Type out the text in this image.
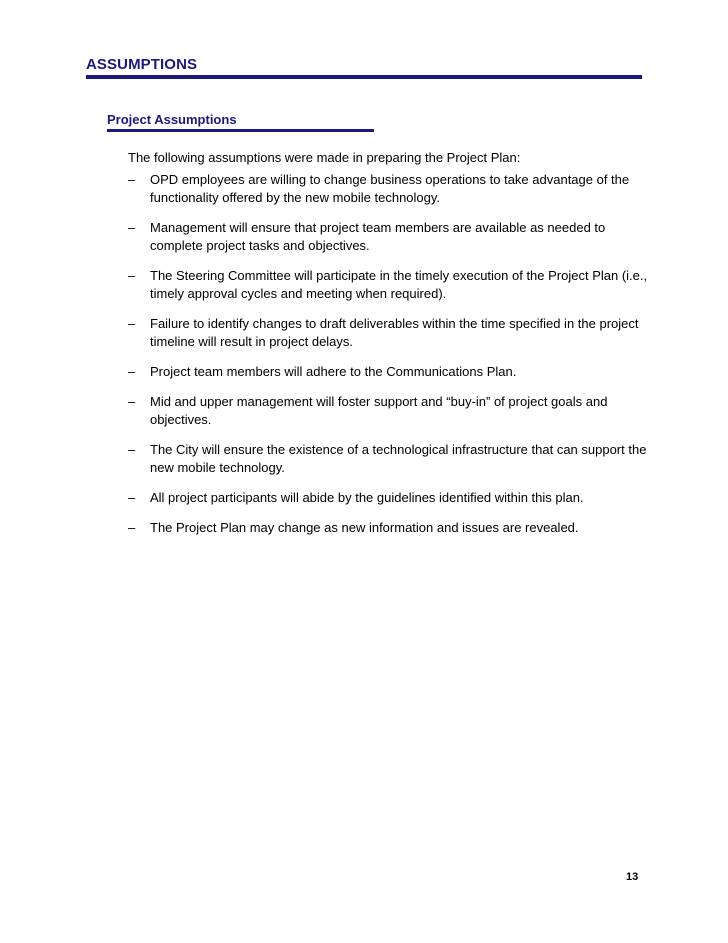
ASSUMPTIONS
Project Assumptions

The following assumptions were made in preparing the Project Plan:

– OPD employees are willing to change business operations to take advantage of the functionality offered by the new mobile technology.
– Management will ensure that project team members are available as needed to complete project tasks and objectives.
– The Steering Committee will participate in the timely execution of the Project Plan (i.e., timely approval cycles and meeting when required).
– Failure to identify changes to draft deliverables within the time specified in the project timeline will result in project delays.
– Project team members will adhere to the Communications Plan.
– Mid and upper management will foster support and “buy-in” of project goals and objectives.
– The City will ensure the existence of a technological infrastructure that can support the new mobile technology.
– All project participants will abide by the guidelines identified within this plan.
– The Project Plan may change as new information and issues are revealed.

13
